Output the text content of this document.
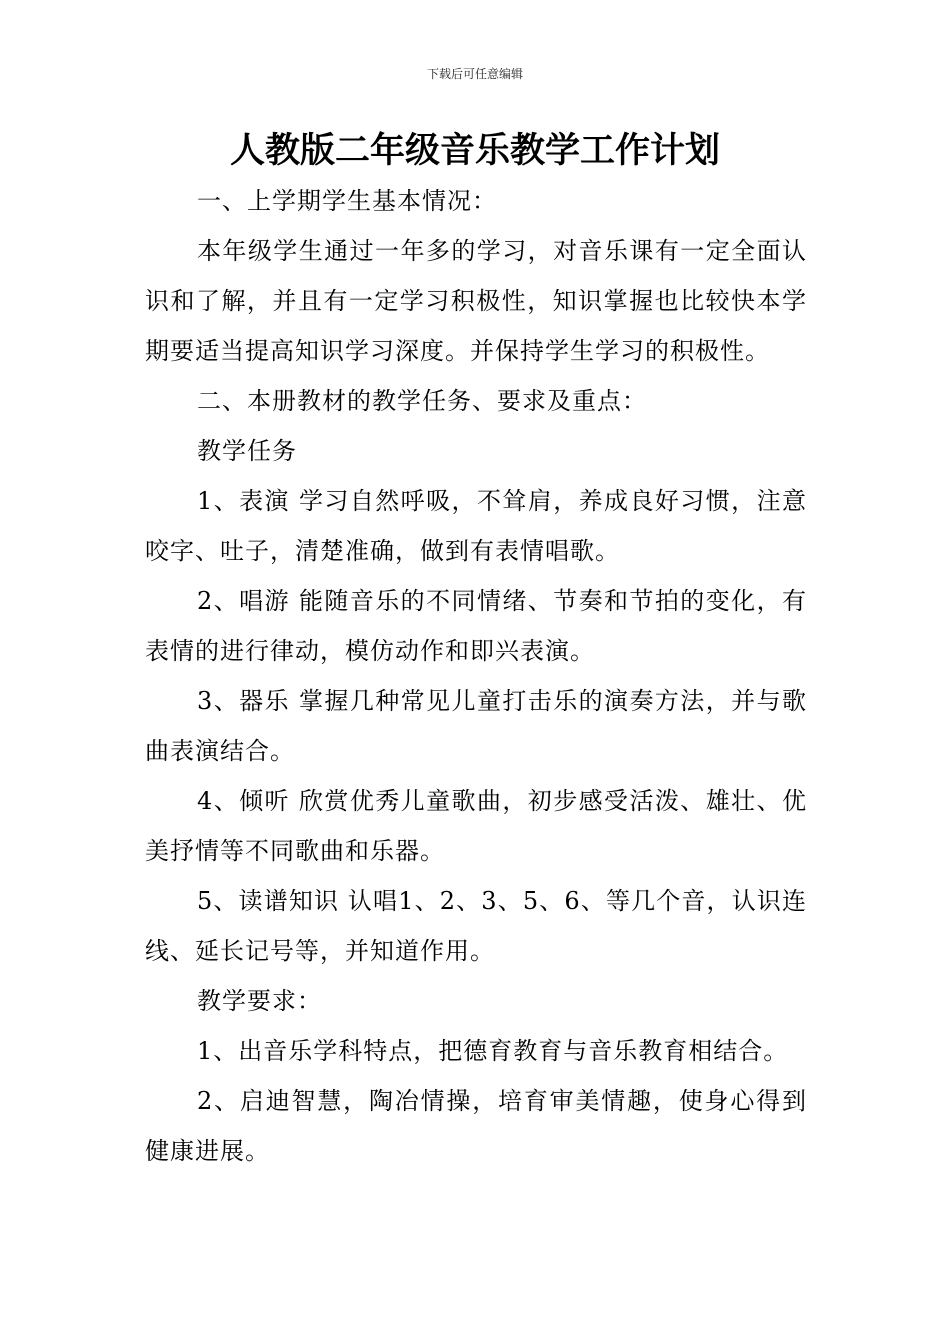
下载后可任意编辑
人教版二年级音乐教学工作计划

一、上学期学生基本情况：

本年级学生通过一年多的学习，对音乐课有一定全面认识和了解，并且有一定学习积极性，知识掌握也比较快本学期要适当提高知识学习深度。并保持学生学习的积极性。

二、本册教材的教学任务、要求及重点：

教学任务

1、表演 学习自然呼吸，不耸肩，养成良好习惯，注意咬字、吐子，清楚准确，做到有表情唱歌。

2、唱游 能随音乐的不同情绪、节奏和节拍的变化，有表情的进行律动，模仿动作和即兴表演。

3、器乐 掌握几种常见儿童打击乐的演奏方法，并与歌曲表演结合。

4、倾听 欣赏优秀儿童歌曲，初步感受活泼、雄壮、优美抒情等不同歌曲和乐器。

5、读谱知识 认唱1、2、3、5、6、等几个音，认识连线、延长记号等，并知道作用。

教学要求：

1、出音乐学科特点，把德育教育与音乐教育相结合。

2、启迪智慧，陶冶情操，培育审美情趣，使身心得到健康进展。
